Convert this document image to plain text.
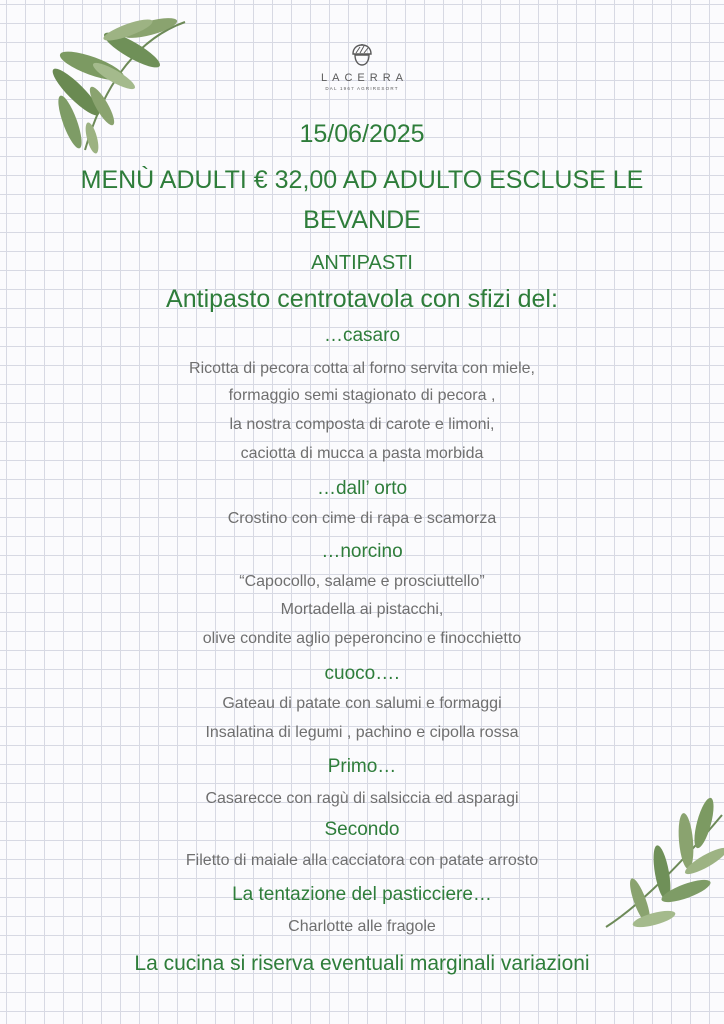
LACERRA
DAL 1967 AGRIRESORT
15/06/2025
MENÙ ADULTI € 32,00 AD ADULTO ESCLUSE LE
BEVANDE
ANTIPASTI
Antipasto centrotavola con sfizi del:
…casaro
Ricotta di pecora cotta al forno servita con miele,
formaggio semi stagionato di pecora ,
la nostra composta di carote e limoni,
caciotta di mucca a pasta morbida
…dall’ orto
Crostino con cime di rapa e scamorza
…norcino
“Capocollo, salame e prosciuttello”
Mortadella ai pistacchi,
olive condite aglio peperoncino e finocchietto
cuoco….
Gateau di patate con salumi e formaggi
Insalatina di legumi , pachino e cipolla rossa
Primo…
Casarecce con ragù di salsiccia ed asparagi
Secondo
Filetto di maiale alla cacciatora con patate arrosto
La tentazione del pasticciere…
Charlotte alle fragole
La cucina si riserva eventuali marginali variazioni
